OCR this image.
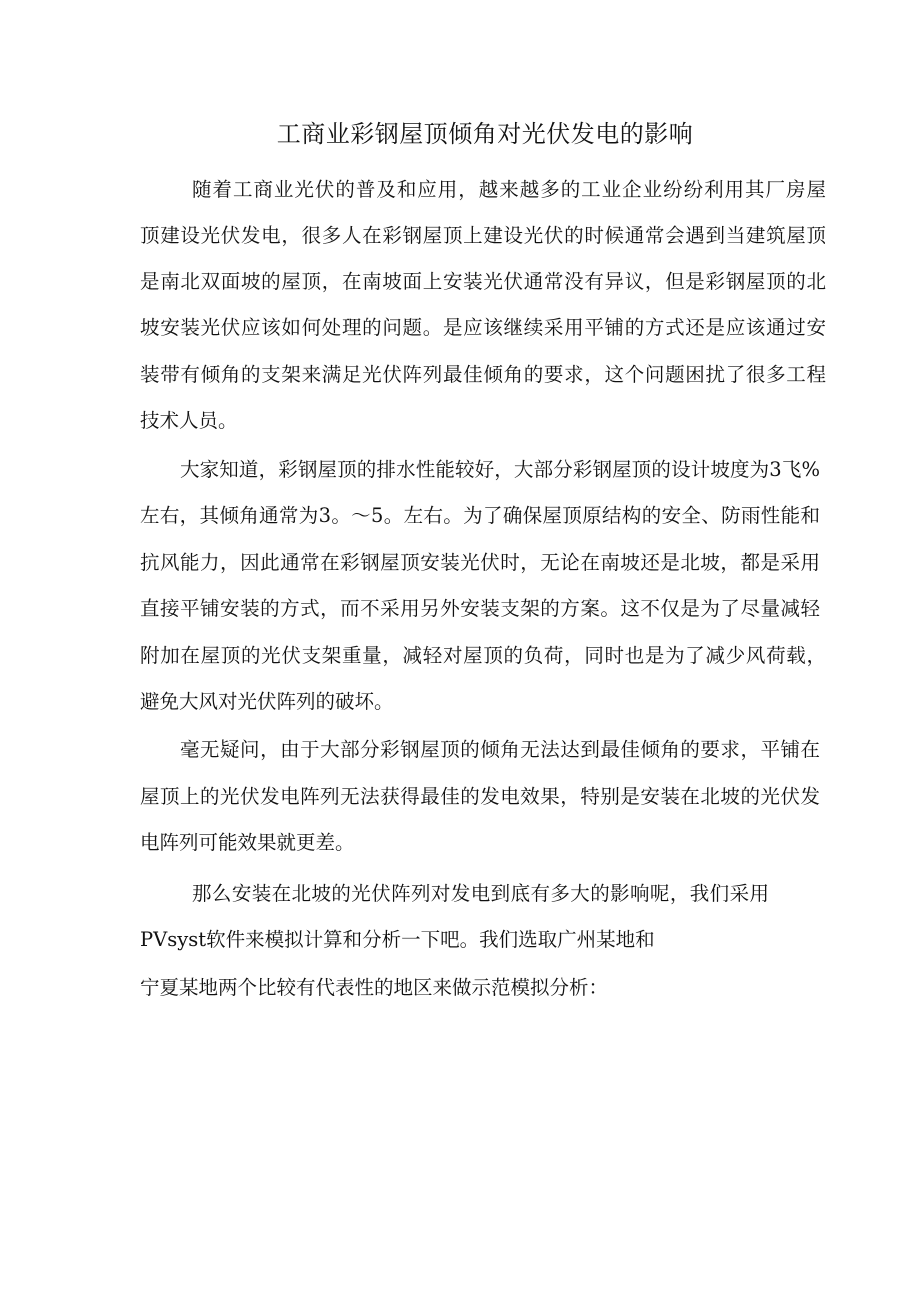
工商业彩钢屋顶倾角对光伏发电的影响
随着工商业光伏的普及和应用，越来越多的工业企业纷纷利用其厂房屋
顶建设光伏发电，很多人在彩钢屋顶上建设光伏的时候通常会遇到当建筑屋顶
是南北双面坡的屋顶，在南坡面上安装光伏通常没有异议，但是彩钢屋顶的北
坡安装光伏应该如何处理的问题。是应该继续采用平铺的方式还是应该通过安
装带有倾角的支架来满足光伏阵列最佳倾角的要求，这个问题困扰了很多工程
技术人员。
大家知道，彩钢屋顶的排水性能较好，大部分彩钢屋顶的设计坡度为3飞%
左右，其倾角通常为3。～5。左右。为了确保屋顶原结构的安全、防雨性能和
抗风能力，因此通常在彩钢屋顶安装光伏时，无论在南坡还是北坡，都是采用
直接平铺安装的方式，而不采用另外安装支架的方案。这不仅是为了尽量减轻
附加在屋顶的光伏支架重量，减轻对屋顶的负荷，同时也是为了减少风荷载，
避免大风对光伏阵列的破坏。
毫无疑问，由于大部分彩钢屋顶的倾角无法达到最佳倾角的要求，平铺在
屋顶上的光伏发电阵列无法获得最佳的发电效果，特别是安装在北坡的光伏发
电阵列可能效果就更差。
那么安装在北坡的光伏阵列对发电到底有多大的影响呢，我们采用
PVsyst软件来模拟计算和分析一下吧。我们选取广州某地和
宁夏某地两个比较有代表性的地区来做示范模拟分析：
